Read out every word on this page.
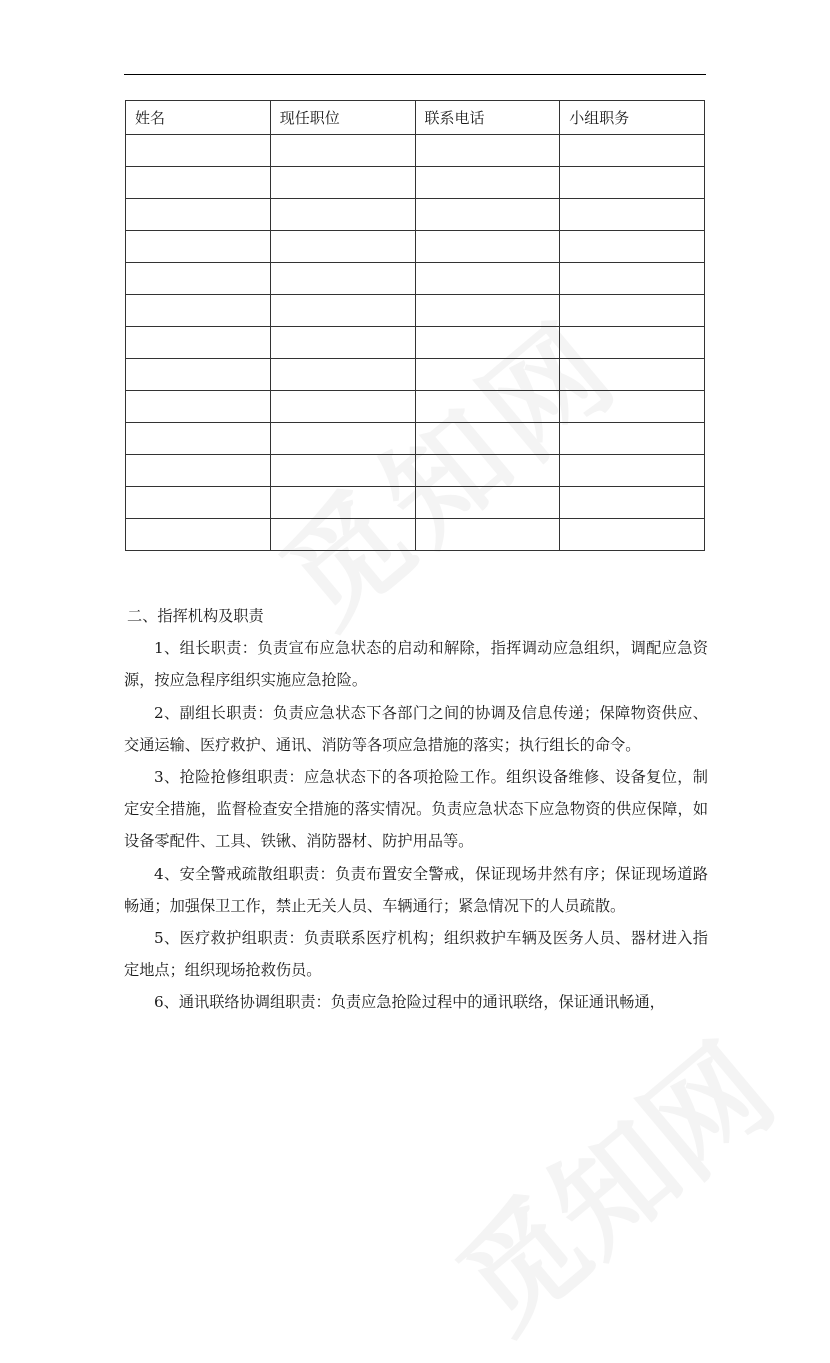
姓名	现任职位	联系电话	小组职务

二、指挥机构及职责

1、组长职责：负责宣布应急状态的启动和解除，指挥调动应急组织，调配应急资源，按应急程序组织实施应急抢险。

2、副组长职责：负责应急状态下各部门之间的协调及信息传递；保障物资供应、交通运输、医疗救护、通讯、消防等各项应急措施的落实；执行组长的命令。

3、抢险抢修组职责：应急状态下的各项抢险工作。组织设备维修、设备复位，制定安全措施，监督检查安全措施的落实情况。负责应急状态下应急物资的供应保障，如设备零配件、工具、铁锹、消防器材、防护用品等。

4、安全警戒疏散组职责：负责布置安全警戒，保证现场井然有序；保证现场道路畅通；加强保卫工作，禁止无关人员、车辆通行；紧急情况下的人员疏散。

5、医疗救护组职责：负责联系医疗机构；组织救护车辆及医务人员、器材进入指定地点；组织现场抢救伤员。

6、通讯联络协调组职责：负责应急抢险过程中的通讯联络，保证通讯畅通，
